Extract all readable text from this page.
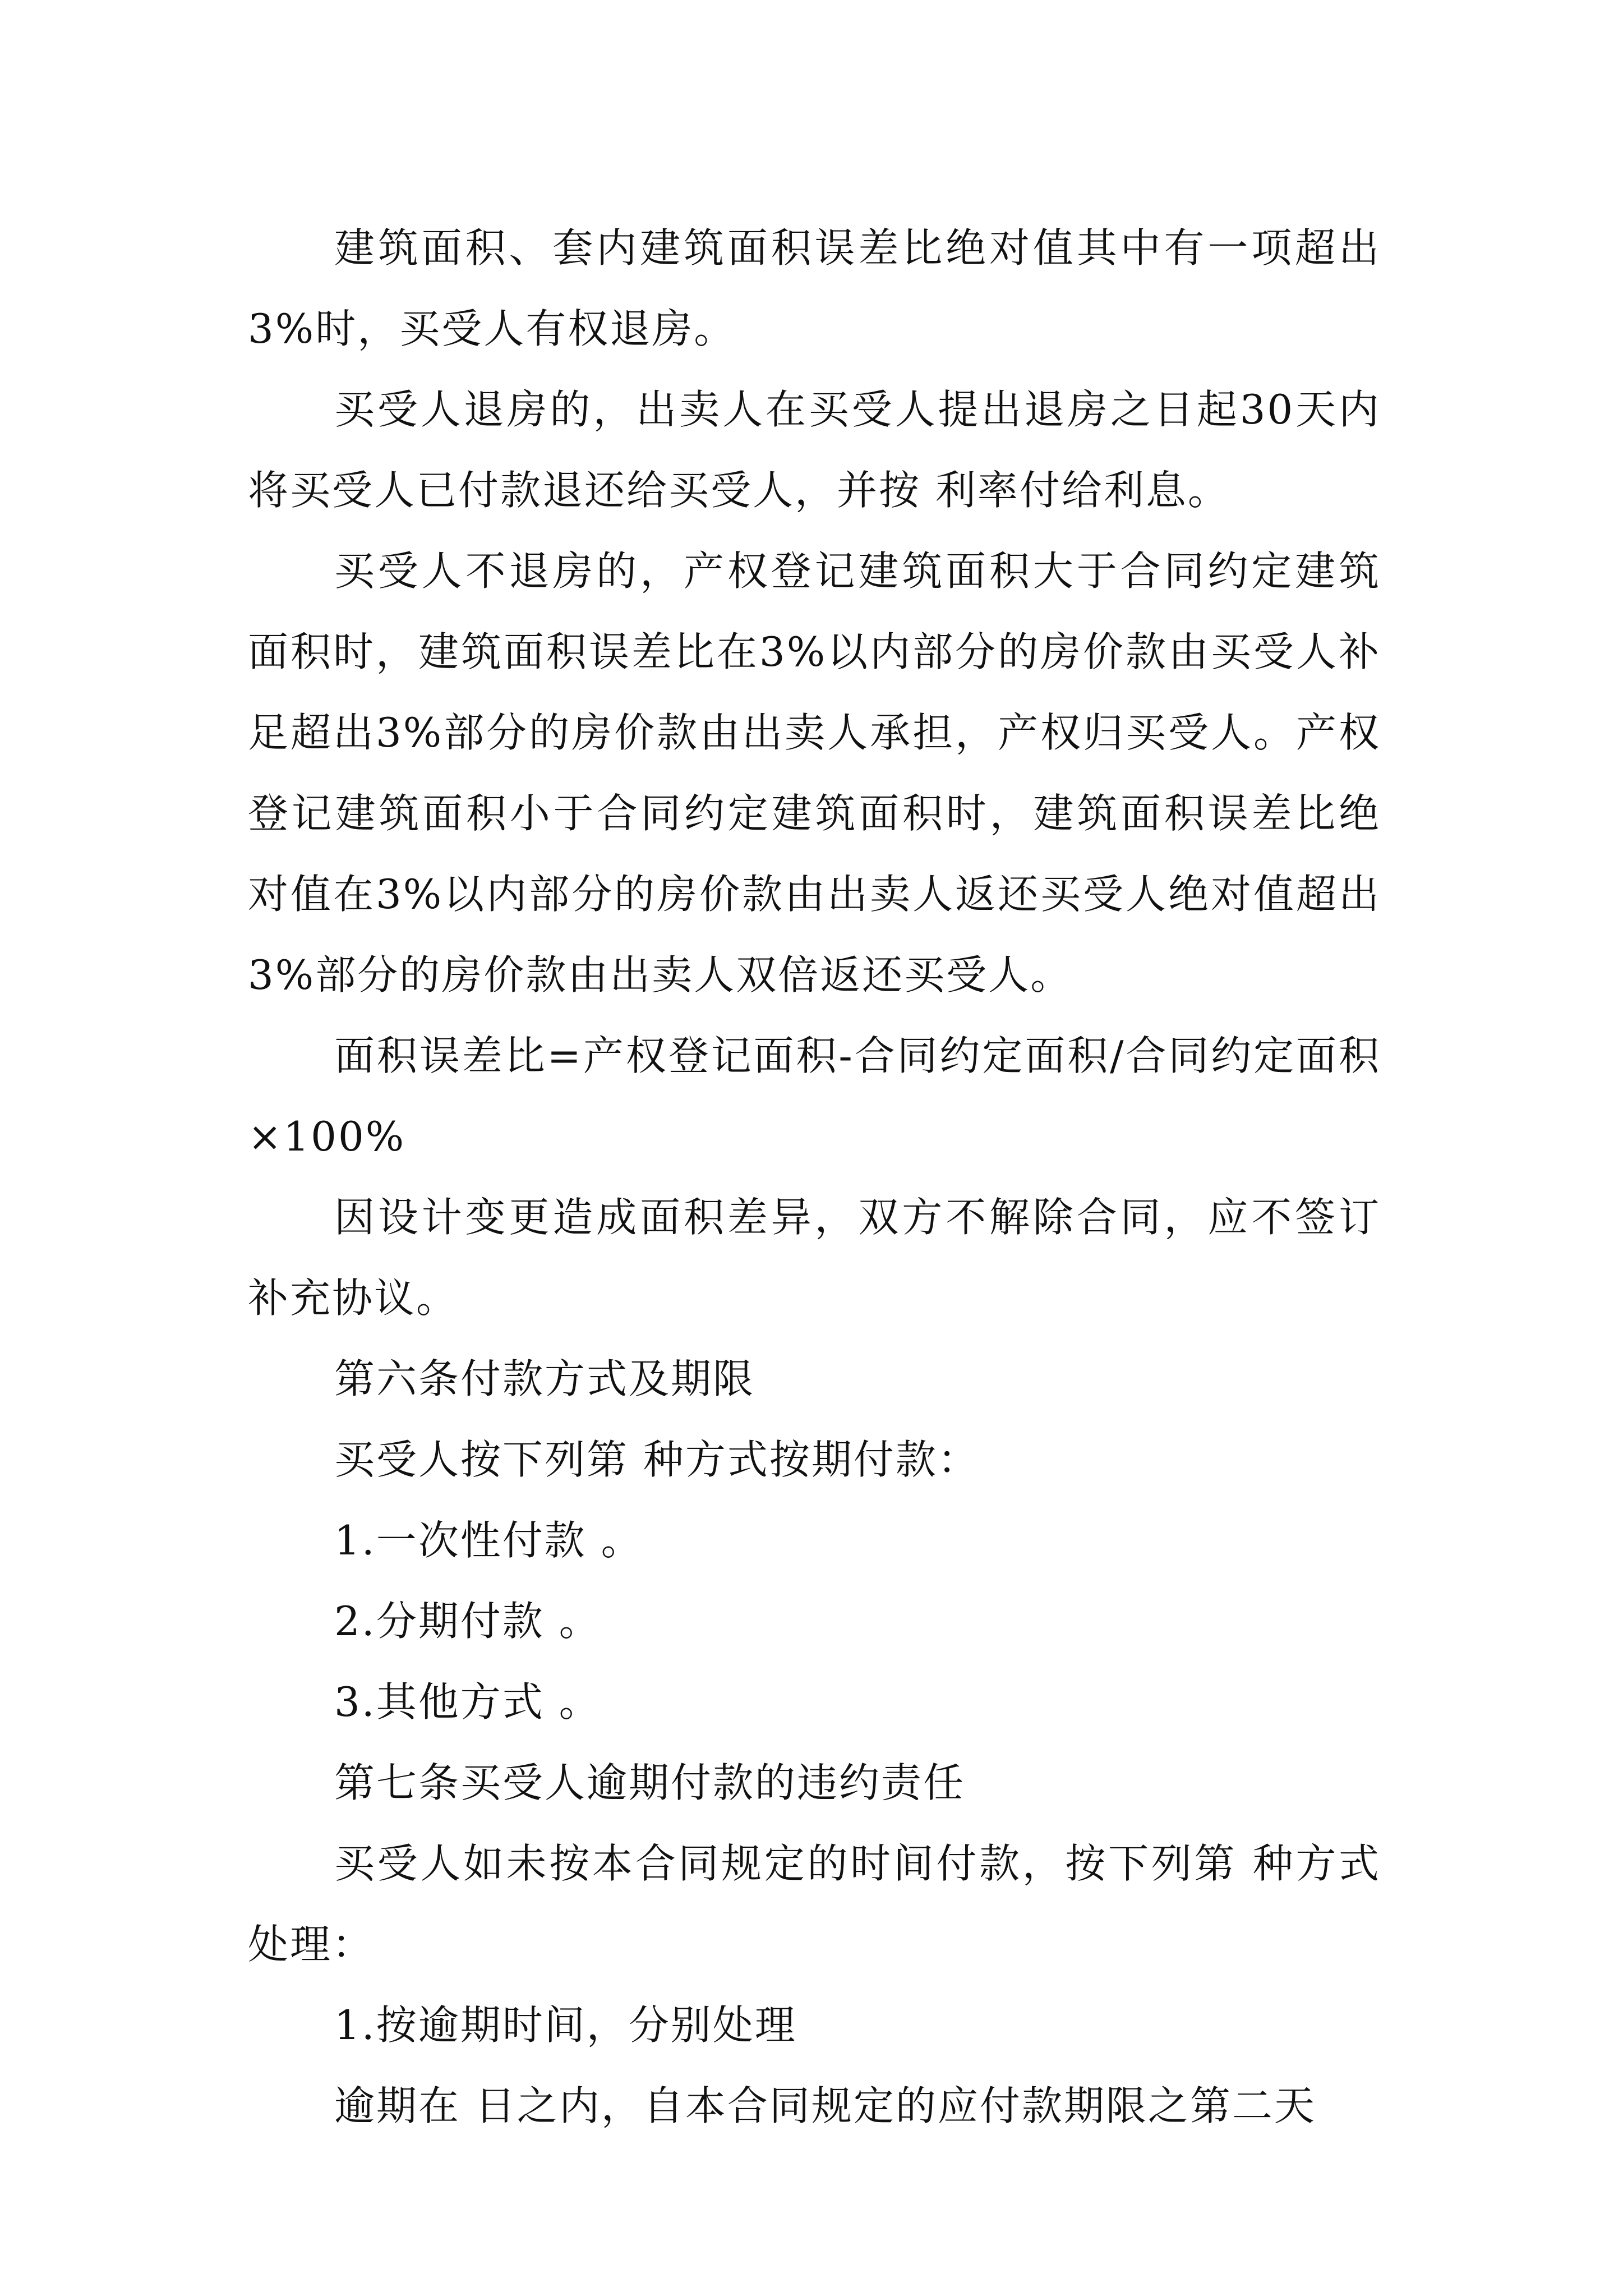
建筑面积、套内建筑面积误差比绝对值其中有一项超出3%时，买受人有权退房。

买受人退房的，出卖人在买受人提出退房之日起30天内将买受人已付款退还给买受人，并按 利率付给利息。

买受人不退房的，产权登记建筑面积大于合同约定建筑面积时，建筑面积误差比在3%以内部分的房价款由买受人补足超出3%部分的房价款由出卖人承担，产权归买受人。产权登记建筑面积小于合同约定建筑面积时，建筑面积误差比绝对值在3%以内部分的房价款由出卖人返还买受人绝对值超出3%部分的房价款由出卖人双倍返还买受人。

面积误差比=产权登记面积-合同约定面积/合同约定面积×100%

因设计变更造成面积差异，双方不解除合同，应不签订补充协议。

第六条付款方式及期限

买受人按下列第 种方式按期付款：

1.一次性付款 。

2.分期付款 。

3.其他方式 。

第七条买受人逾期付款的违约责任

买受人如未按本合同规定的时间付款，按下列第 种方式处理：

1.按逾期时间，分别处理

逾期在 日之内，自本合同规定的应付款期限之第二天
